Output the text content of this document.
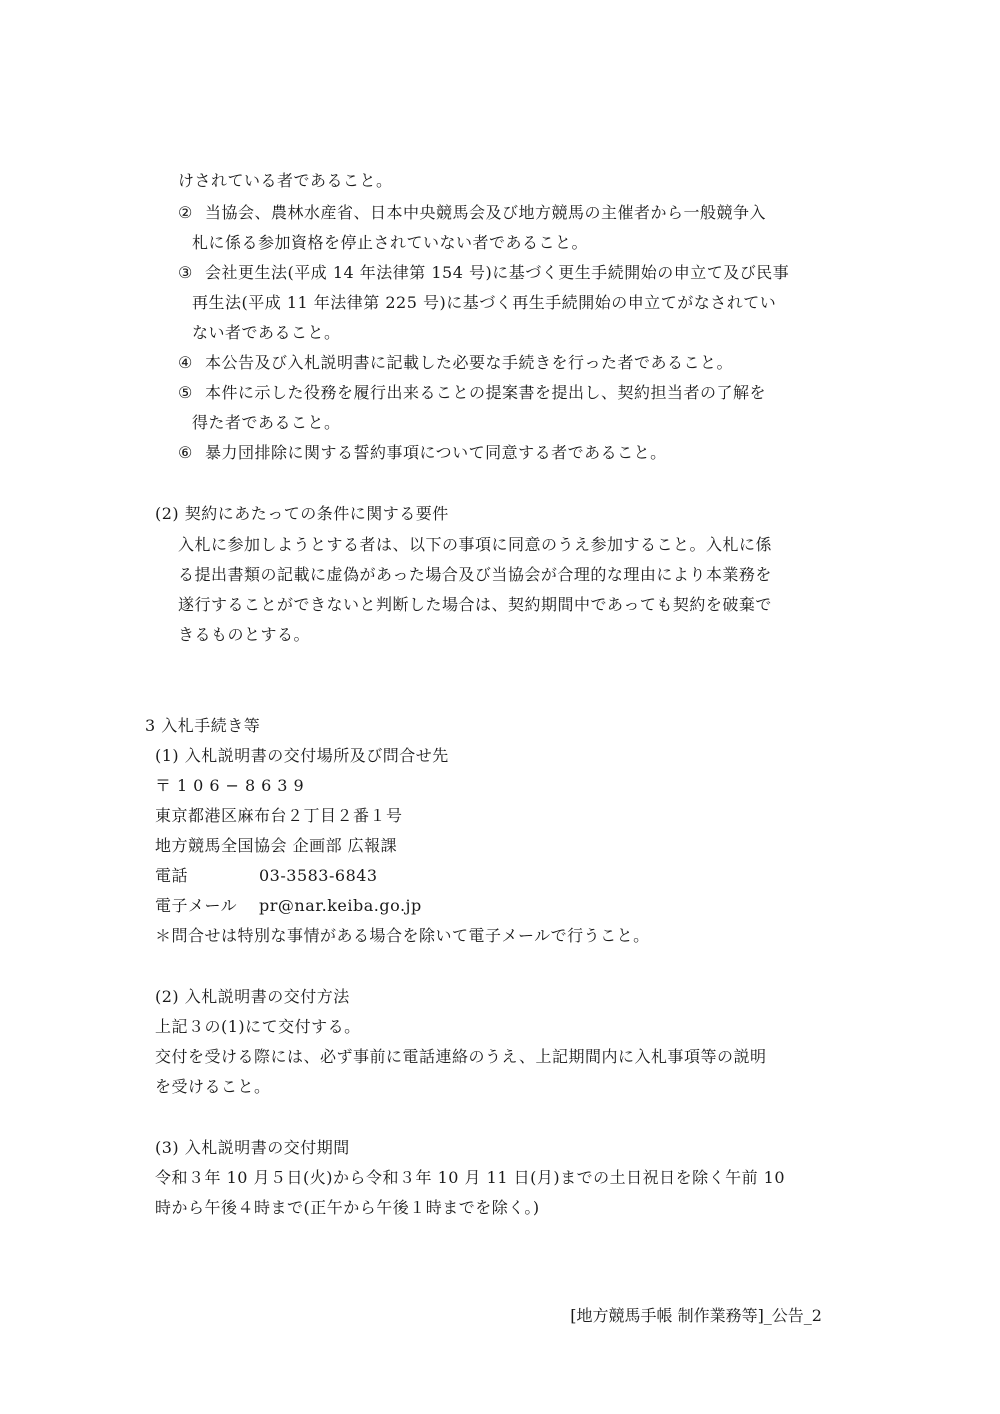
けされている者であること。
② 当協会、農林水産省、日本中央競馬会及び地方競馬の主催者から一般競争入
札に係る参加資格を停止されていない者であること。
③ 会社更生法(平成 14 年法律第 154 号)に基づく更生手続開始の申立て及び民事
再生法(平成 11 年法律第 225 号)に基づく再生手続開始の申立てがなされてい
ない者であること。
④ 本公告及び入札説明書に記載した必要な手続きを行った者であること。
⑤ 本件に示した役務を履行出来ることの提案書を提出し、契約担当者の了解を
得た者であること。
⑥ 暴力団排除に関する誓約事項について同意する者であること。
(2) 契約にあたっての条件に関する要件
入札に参加しようとする者は、以下の事項に同意のうえ参加すること。入札に係
る提出書類の記載に虚偽があった場合及び当協会が合理的な理由により本業務を
遂行することができないと判断した場合は、契約期間中であっても契約を破棄で
きるものとする。
3 入札手続き等
(1) 入札説明書の交付場所及び問合せ先
〒106−8639
東京都港区麻布台２丁目２番１号
地方競馬全国協会 企画部 広報課
電話	03-3583-6843
電子メール pr@nar.keiba.go.jp
＊問合せは特別な事情がある場合を除いて電子メールで行うこと。
(2) 入札説明書の交付方法
上記３の(1)にて交付する。
交付を受ける際には、必ず事前に電話連絡のうえ、上記期間内に入札事項等の説明
を受けること。
(3) 入札説明書の交付期間
令和３年 10 月５日(火)から令和３年 10 月 11 日(月)までの土日祝日を除く午前 10
時から午後４時まで(正午から午後１時までを除く。)
[地方競馬手帳 制作業務等]_公告_2
